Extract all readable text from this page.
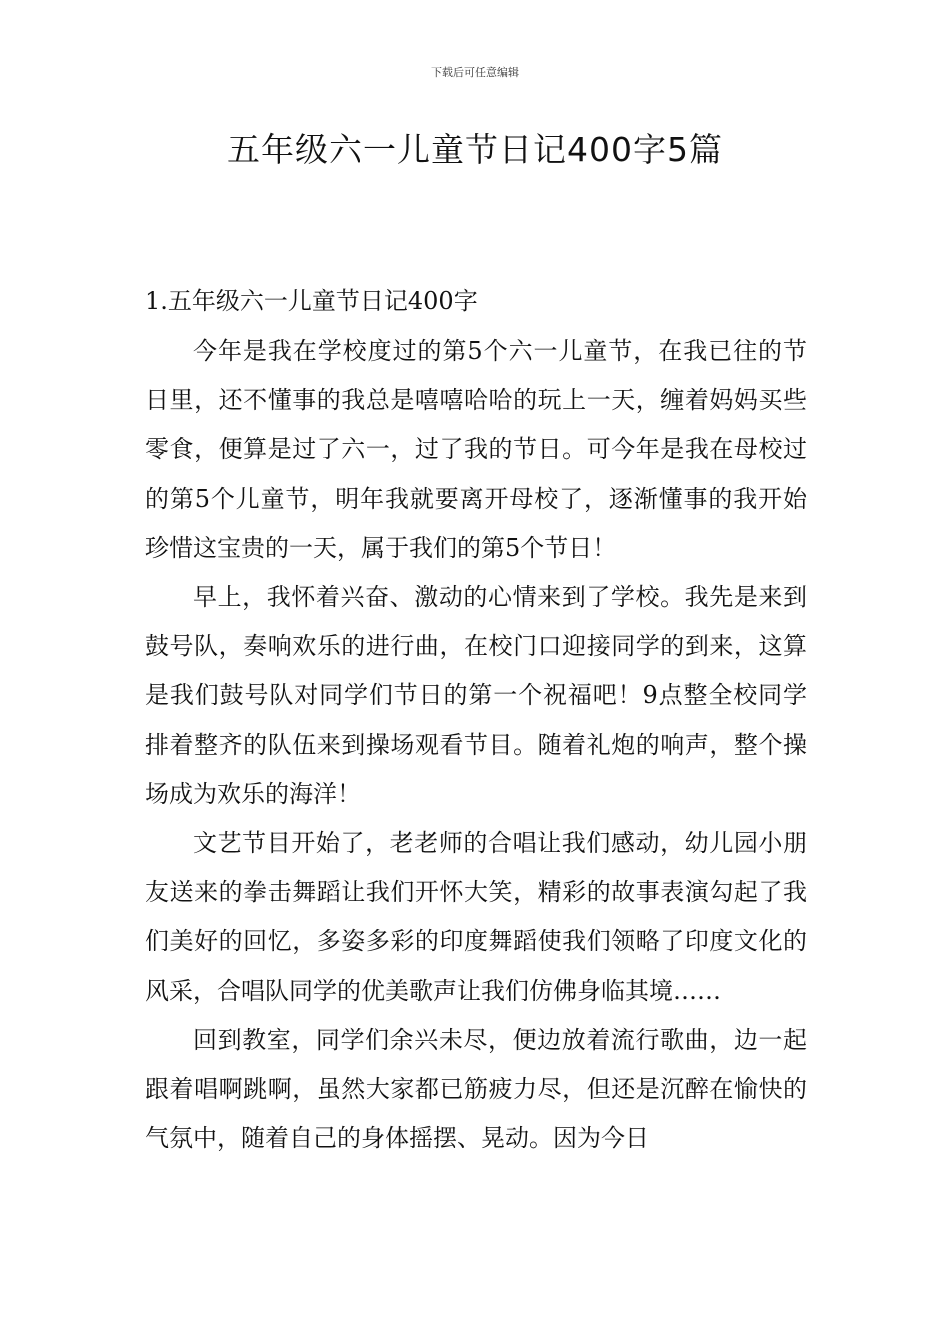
下载后可任意编辑
五年级六一儿童节日记400字5篇
1.五年级六一儿童节日记400字

今年是我在学校度过的第5个六一儿童节，在我已往的节日里，还不懂事的我总是嘻嘻哈哈的玩上一天，缠着妈妈买些零食，便算是过了六一，过了我的节日。可今年是我在母校过的第5个儿童节，明年我就要离开母校了，逐渐懂事的我开始珍惜这宝贵的一天，属于我们的第5个节日！

早上，我怀着兴奋、激动的心情来到了学校。我先是来到鼓号队，奏响欢乐的进行曲，在校门口迎接同学的到来，这算是我们鼓号队对同学们节日的第一个祝福吧！9点整全校同学排着整齐的队伍来到操场观看节目。随着礼炮的响声，整个操场成为欢乐的海洋！

文艺节目开始了，老老师的合唱让我们感动，幼儿园小朋友送来的拳击舞蹈让我们开怀大笑，精彩的故事表演勾起了我们美好的回忆，多姿多彩的印度舞蹈使我们领略了印度文化的风采，合唱队同学的优美歌声让我们仿佛身临其境……

回到教室，同学们余兴未尽，便边放着流行歌曲，边一起跟着唱啊跳啊，虽然大家都已筋疲力尽，但还是沉醉在愉快的气氛中，随着自己的身体摇摆、晃动。因为今日
